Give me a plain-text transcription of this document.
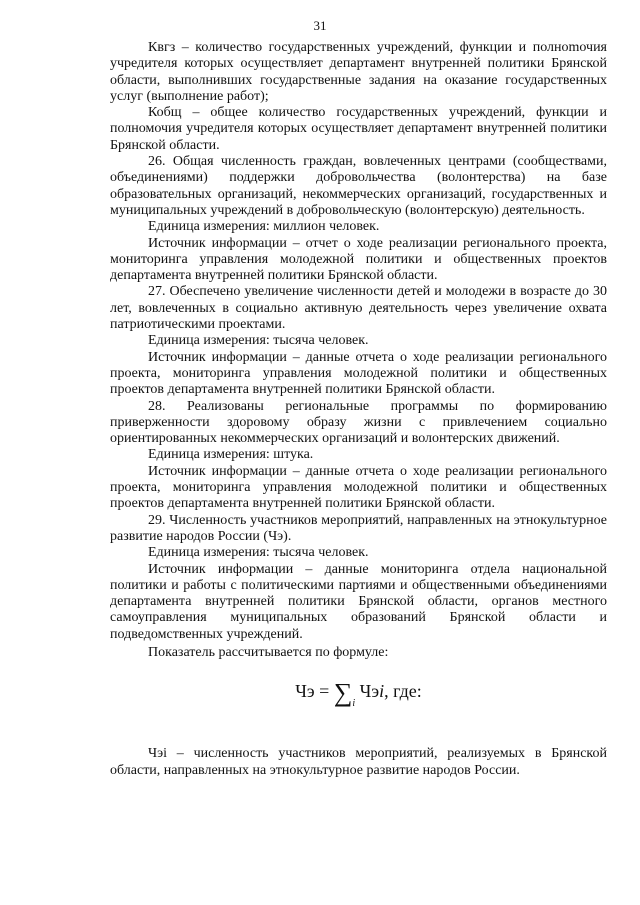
31

Квгз – количество государственных учреждений, функции и полноmочия учредителя которых осуществляет департамент внутренней политики Брянской области, выполнивших государственные задания на оказание государственных услуг (выполнение работ);

Кобщ – общее количество государственных учреждений, функции и полномочия учредителя которых осуществляет департамент внутренней политики Брянской области.

26. Общая численность граждан, вовлеченных центрами (сообществами, объединениями) поддержки добровольчества (волонтерства) на базе образовательных организаций, некоммерческих организаций, государственных и муниципальных учреждений в добровольческую (волонтерскую) деятельность.

Единица измерения: миллион человек.

Источник информации – отчет о ходе реализации регионального проекта, мониторинга управления молодежной политики и общественных проектов департамента внутренней политики Брянской области.

27. Обеспечено увеличение численности детей и молодежи в возрасте до 30 лет, вовлеченных в социально активную деятельность через увеличение охвата патриотическими проектами.

Единица измерения: тысяча человек.

Источник информации – данные отчета о ходе реализации регионального проекта, мониторинга управления молодежной политики и общественных проектов департамента внутренней политики Брянской области.

28. Реализованы региональные программы по формированию приверженности здоровому образу жизни с привлечением социально ориентированных некоммерческих организаций и волонтерских движений.

Единица измерения: штука.

Источник информации – данные отчета о ходе реализации регионального проекта, мониторинга управления молодежной политики и общественных проектов департамента внутренней политики Брянской области.

29. Численность участников мероприятий, направленных на этнокультурное развитие народов России (Чэ).

Единица измерения: тысяча человек.

Источник информации – данные мониторинга отдела национальной политики и работы с политическими партиями и общественными объединениями департамента внутренней политики Брянской области, органов местного самоуправления муниципальных образований Брянской области и подведомственных учреждений.

Показатель рассчитывается по формуле:

Чэ = $\sum_i$ Чэi, где:

Чэi – численность участников мероприятий, реализуемых в Брянской области, направленных на этнокультурное развитие народов России.
